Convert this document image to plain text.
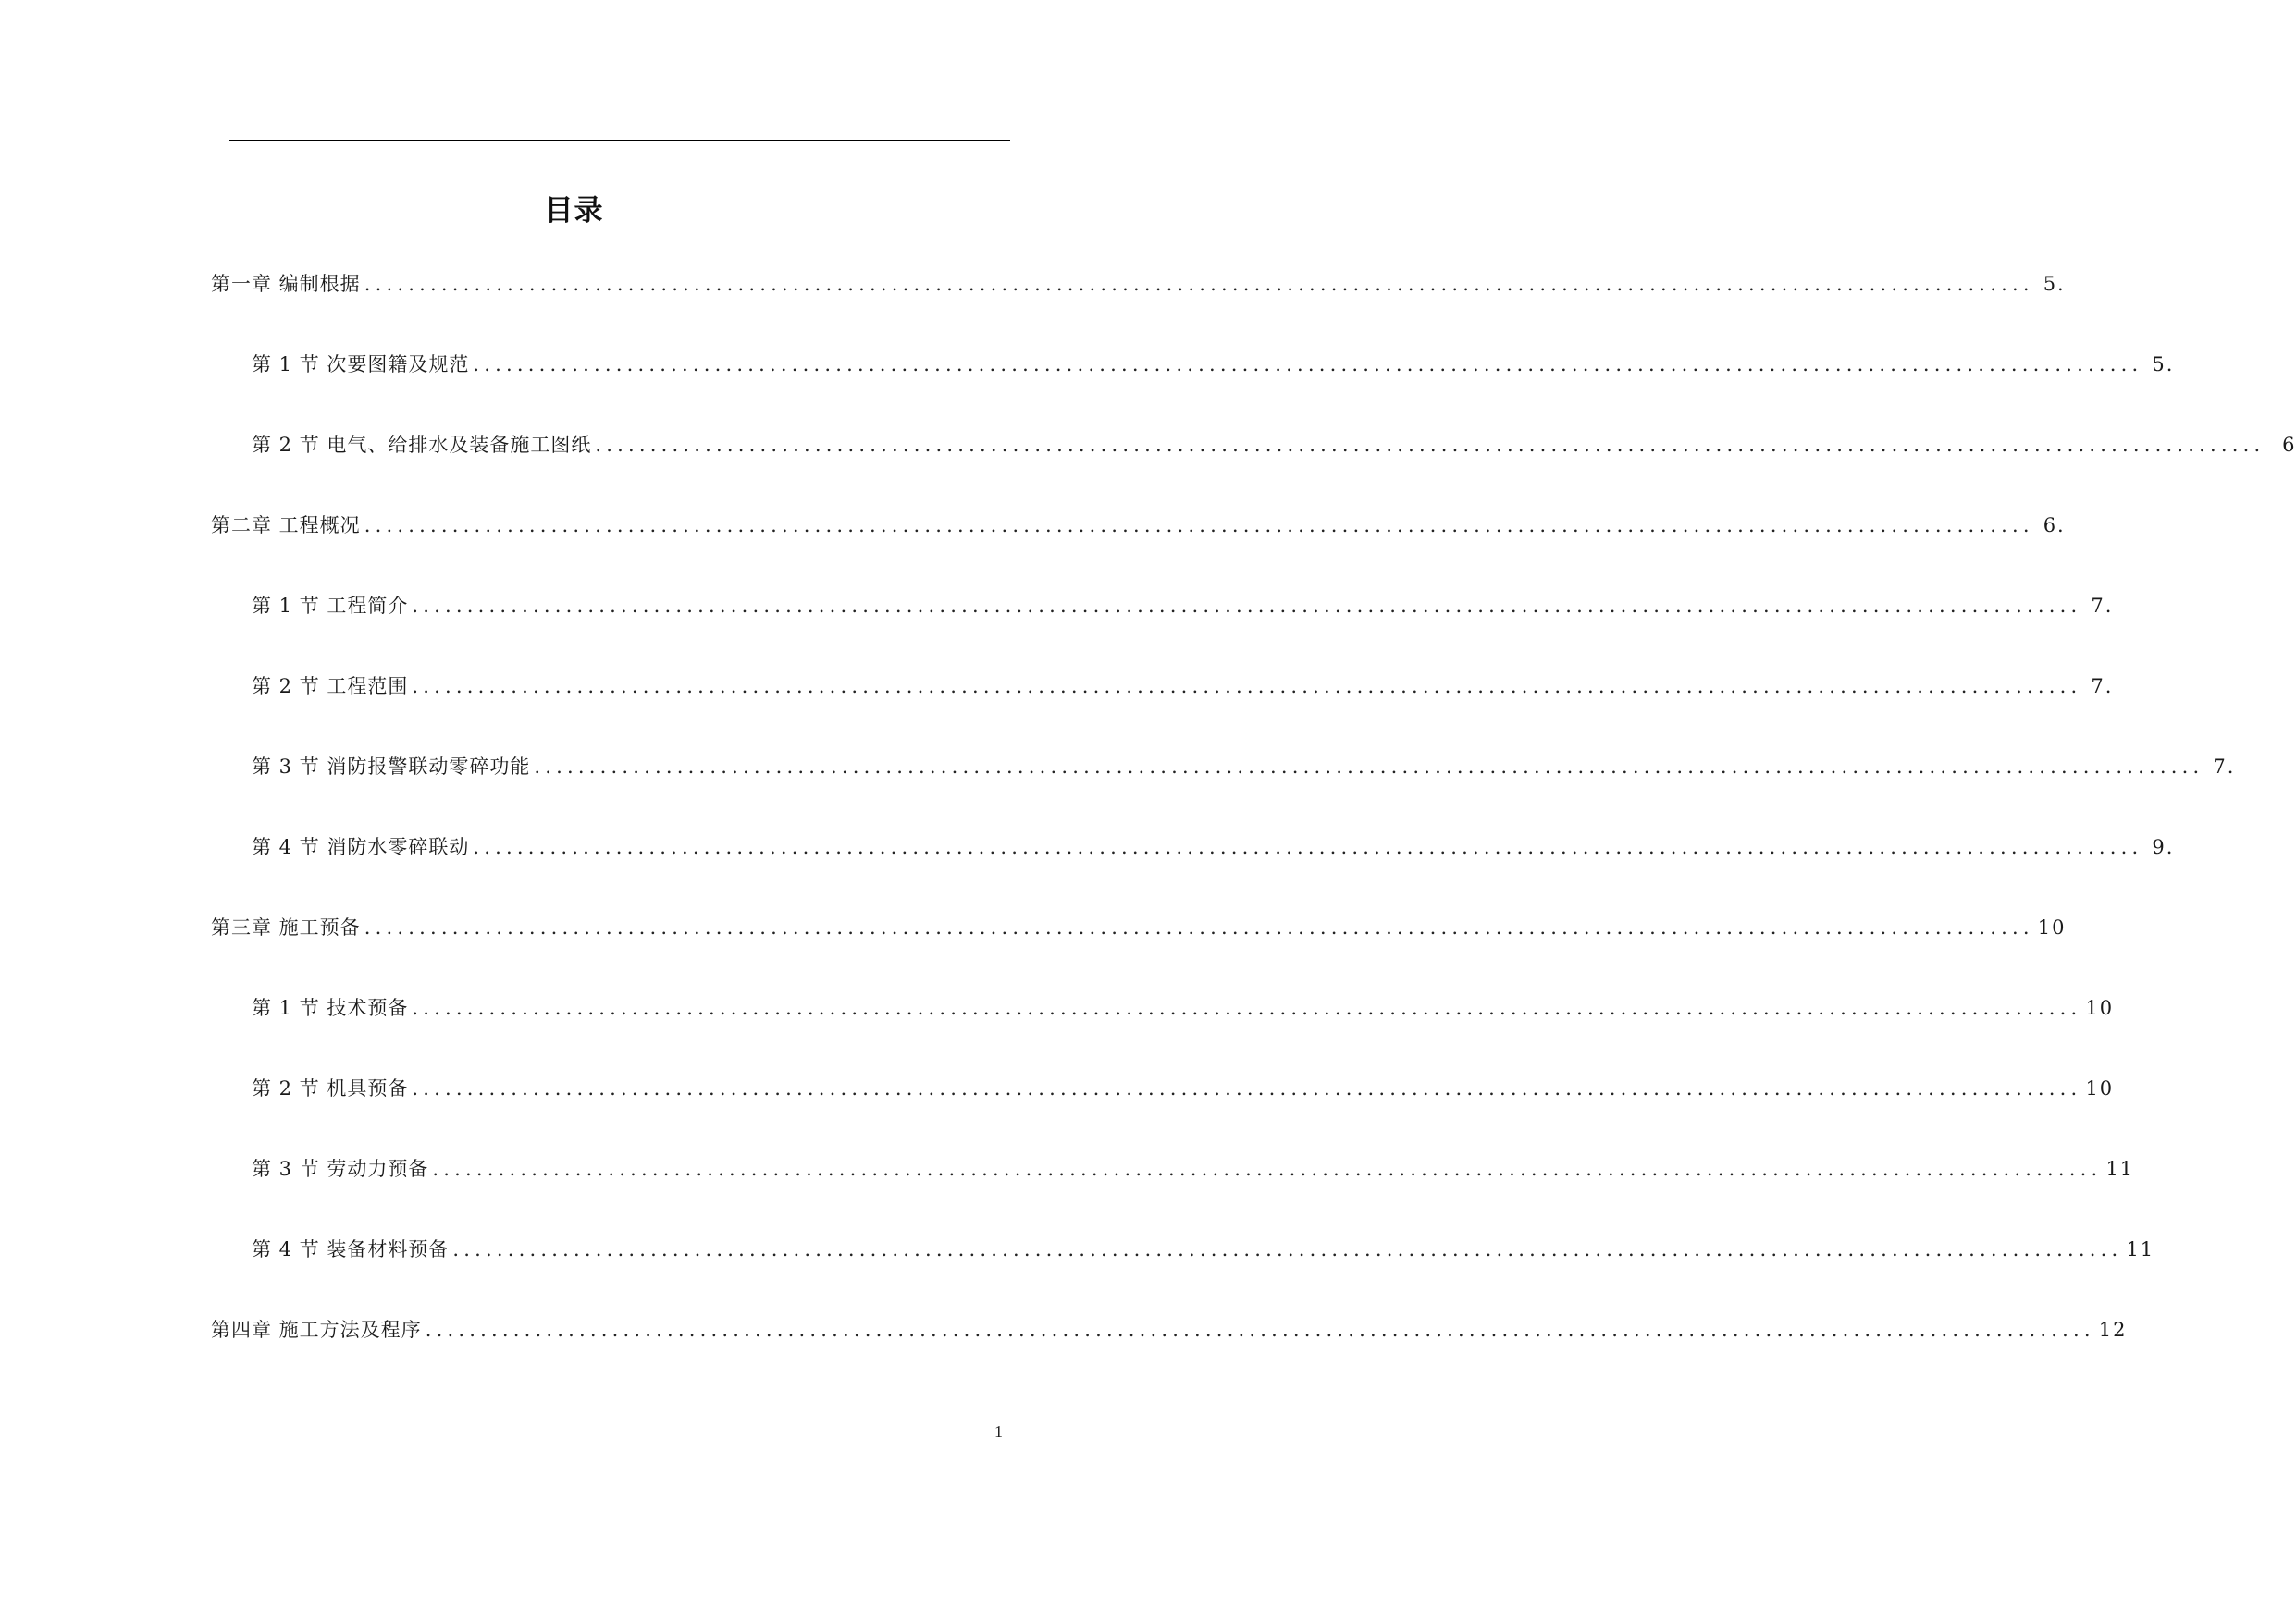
目录
第一章 编制根据 ........................................................................................................................................................ 5.
第 1 节 次要图籍及规范 ........................................................................................................................................................ 5.
第 2 节 电气、给排水及装备施工图纸 ........................................................................................................................................................ 6
第二章 工程概况 ........................................................................................................................................................ 6.
第 1 节 工程简介 ........................................................................................................................................................ 7.
第 2 节 工程范围 ........................................................................................................................................................ 7.
第 3 节 消防报警联动零碎功能 ........................................................................................................................................................ 7.
第 4 节 消防水零碎联动 ........................................................................................................................................................ 9.
第三章 施工预备 ........................................................................................................................................................ 10
第 1 节 技术预备 ........................................................................................................................................................ 10
第 2 节 机具预备 ........................................................................................................................................................ 10
第 3 节 劳动力预备 ........................................................................................................................................................ 11
第 4 节 装备材料预备 ........................................................................................................................................................ 11
第四章 施工方法及程序 ........................................................................................................................................................ 12
1
